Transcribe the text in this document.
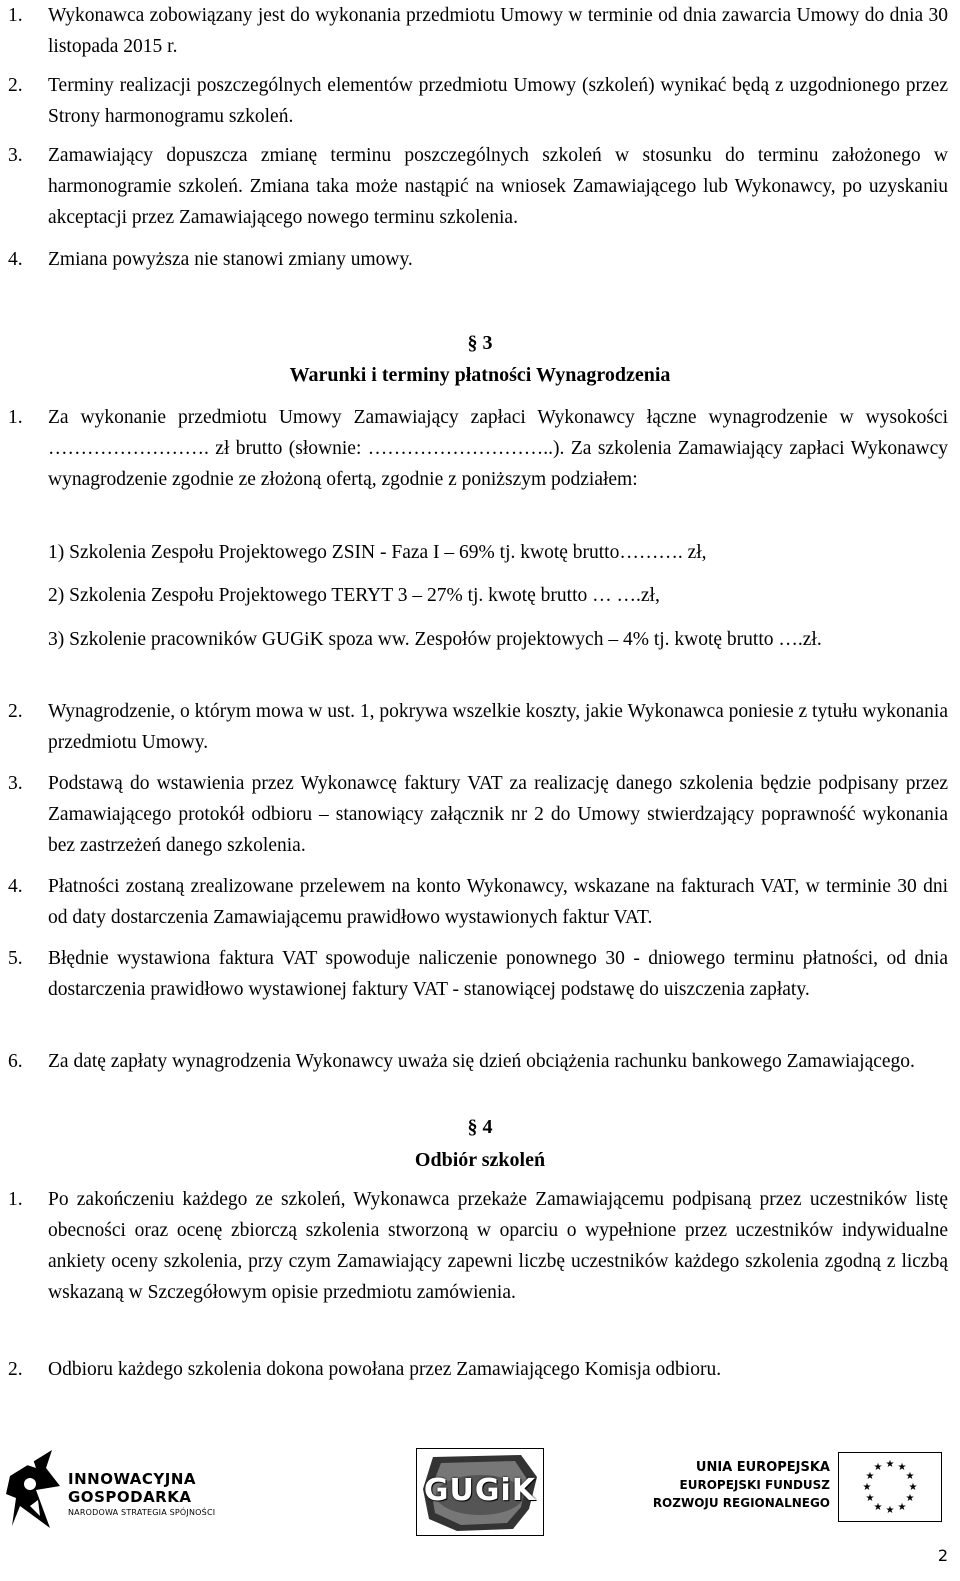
1. Wykonawca zobowiązany jest do wykonania przedmiotu Umowy w terminie od dnia zawarcia Umowy do dnia 30 listopada 2015 r.
2. Terminy realizacji poszczególnych elementów przedmiotu Umowy (szkoleń) wynikać będą z uzgodnionego przez Strony harmonogramu szkoleń.
3. Zamawiający dopuszcza zmianę terminu poszczególnych szkoleń w stosunku do terminu założonego w harmonogramie szkoleń. Zmiana taka może nastąpić na wniosek Zamawiającego lub Wykonawcy, po uzyskaniu akceptacji przez Zamawiającego nowego terminu szkolenia.
4. Zmiana powyższa nie stanowi zmiany umowy.
§ 3
Warunki i terminy płatności Wynagrodzenia
1. Za wykonanie przedmiotu Umowy Zamawiający zapłaci Wykonawcy łączne wynagrodzenie w wysokości ……………………. zł brutto (słownie: ………………………..). Za szkolenia Zamawiający zapłaci Wykonawcy wynagrodzenie zgodnie ze złożoną ofertą, zgodnie z poniższym podziałem:
1) Szkolenia Zespołu Projektowego ZSIN - Faza I – 69% tj. kwotę brutto………. zł,
2) Szkolenia Zespołu Projektowego TERYT 3 – 27% tj. kwotę brutto … ….zł,
3) Szkolenie pracowników GUGiK spoza ww. Zespołów projektowych – 4% tj. kwotę brutto ….zł.
2. Wynagrodzenie, o którym mowa w ust. 1, pokrywa wszelkie koszty, jakie Wykonawca poniesie z tytułu wykonania przedmiotu Umowy.
3. Podstawą do wstawienia przez Wykonawcę faktury VAT za realizację danego szkolenia będzie podpisany przez Zamawiającego protokół odbioru – stanowiący załącznik nr 2 do Umowy stwierdzający poprawność wykonania bez zastrzeżeń danego szkolenia.
4. Płatności zostaną zrealizowane przelewem na konto Wykonawcy, wskazane na fakturach VAT, w terminie 30 dni od daty dostarczenia Zamawiającemu prawidłowo wystawionych faktur VAT.
5. Błędnie wystawiona faktura VAT spowoduje naliczenie ponownego 30 - dniowego terminu płatności, od dnia dostarczenia prawidłowo wystawionej faktury VAT - stanowiącej podstawę do uiszczenia zapłaty.
6. Za datę zapłaty wynagrodzenia Wykonawcy uważa się dzień obciążenia rachunku bankowego Zamawiającego.
§ 4
Odbiór szkoleń
1. Po zakończeniu każdego ze szkoleń, Wykonawca przekaże Zamawiającemu podpisaną przez uczestników listę obecności oraz ocenę zbiorczą szkolenia stworzoną w oparciu o wypełnione przez uczestników indywidualne ankiety oceny szkolenia, przy czym Zamawiający zapewni liczbę uczestników każdego szkolenia zgodną z liczbą wskazaną w Szczegółowym opisie przedmiotu zamówienia.
2. Odbioru każdego szkolenia dokona powołana przez Zamawiającego Komisja odbioru.
INNOWACYJNA
GOSPODARKA
NARODOWA STRATEGIA SPÓJNOŚCI
GUGiK
UNIA EUROPEJSKA
EUROPEJSKI FUNDUSZ
ROZWOJU REGIONALNEGO
★ ★
★
★
★
★
★
★
★
★
★
★
2
